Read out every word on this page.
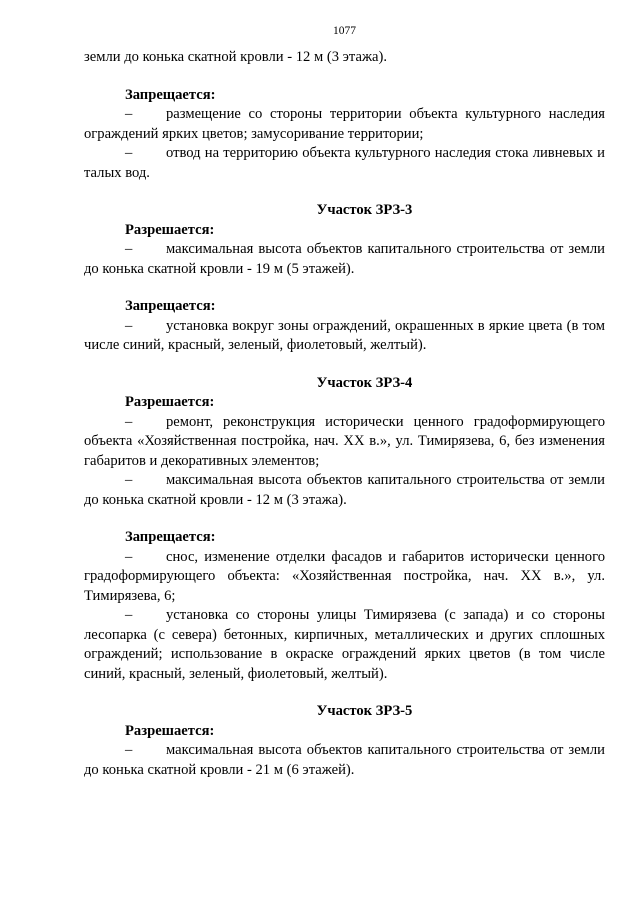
1077

земли до конька скатной кровли - 12 м (3 этажа).

Запрещается:

– размещение со стороны территории объекта культурного наследия ограждений ярких цветов; замусоривание территории;

– отвод на территорию объекта культурного наследия стока ливневых и талых вод.

Участок ЗРЗ-3

Разрешается:

– максимальная высота объектов капитального строительства от земли до конька скатной кровли - 19 м (5 этажей).

Запрещается:

– установка вокруг зоны ограждений, окрашенных в яркие цвета (в том числе синий, красный, зеленый, фиолетовый, желтый).

Участок ЗРЗ-4

Разрешается:

– ремонт, реконструкция исторически ценного градоформирующего объекта «Хозяйственная постройка, нач. XX в.», ул. Тимирязева, 6, без изменения габаритов и декоративных элементов;

– максимальная высота объектов капитального строительства от земли до конька скатной кровли - 12 м (3 этажа).

Запрещается:

– снос, изменение отделки фасадов и габаритов исторически ценного градоформирующего объекта: «Хозяйственная постройка, нач. XX в.», ул. Тимирязева, 6;

– установка со стороны улицы Тимирязева (с запада) и со стороны лесопарка (с севера) бетонных, кирпичных, металлических и других сплошных ограждений; использование в окраске ограждений ярких цветов (в том числе синий, красный, зеленый, фиолетовый, желтый).

Участок ЗРЗ-5

Разрешается:

– максимальная высота объектов капитального строительства от земли до конька скатной кровли - 21 м (6 этажей).
